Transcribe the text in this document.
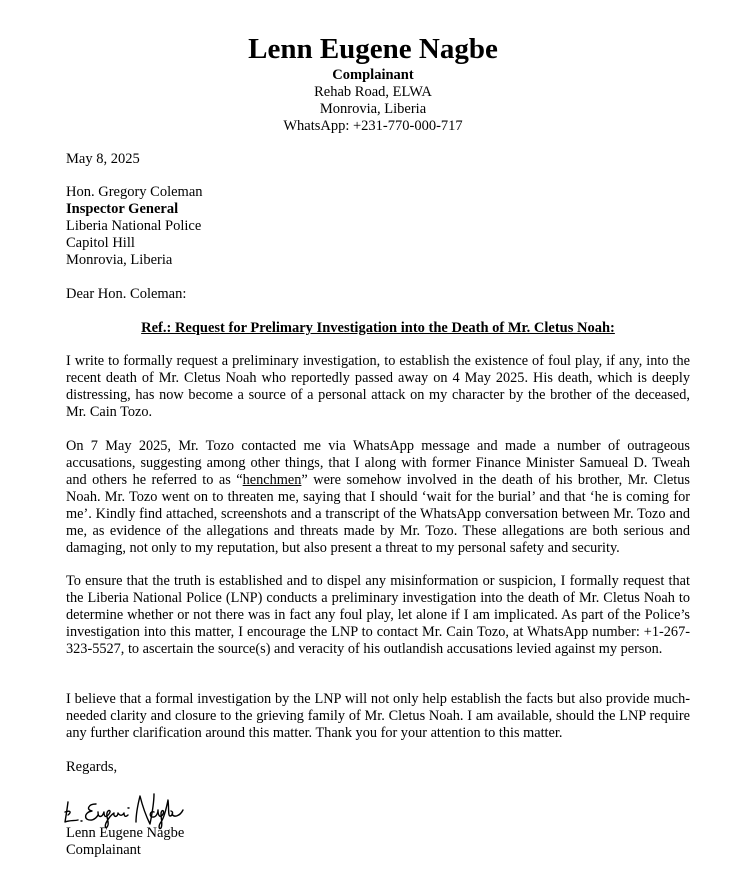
Lenn Eugene Nagbe
Complainant
Rehab Road, ELWA
Monrovia, Liberia
WhatsApp: +231-770-000-717
May 8, 2025
Hon. Gregory Coleman
Inspector General
Liberia National Police
Capitol Hill
Monrovia, Liberia
Dear Hon. Coleman:
Ref.: Request for Prelimary Investigation into the Death of Mr. Cletus Noah:
I write to formally request a preliminary investigation, to establish the existence of foul play, if any, into the recent death of Mr. Cletus Noah who reportedly passed away on 4 May 2025. His death, which is deeply distressing, has now become a source of a personal attack on my character by the brother of the deceased, Mr. Cain Tozo.
On 7 May 2025, Mr. Tozo contacted me via WhatsApp message and made a number of outrageous accusations, suggesting among other things, that I along with former Finance Minister Samueal D. Tweah and others he referred to as “henchmen” were somehow involved in the death of his brother, Mr. Cletus Noah. Mr. Tozo went on to threaten me, saying that I should ‘wait for the burial’ and that ‘he is coming for me’. Kindly find attached, screenshots and a transcript of the WhatsApp conversation between Mr. Tozo and me, as evidence of the allegations and threats made by Mr. Tozo. These allegations are both serious and damaging, not only to my reputation, but also present a threat to my personal safety and security.
To ensure that the truth is established and to dispel any misinformation or suspicion, I formally request that the Liberia National Police (LNP) conducts a preliminary investigation into the death of Mr. Cletus Noah to determine whether or not there was in fact any foul play, let alone if I am implicated. As part of the Police’s investigation into this matter, I encourage the LNP to contact Mr. Cain Tozo, at WhatsApp number: +1-267-323-5527, to ascertain the source(s) and veracity of his outlandish accusations levied against my person.
I believe that a formal investigation by the LNP will not only help establish the facts but also provide much-needed clarity and closure to the grieving family of Mr. Cletus Noah. I am available, should the LNP require any further clarification around this matter. Thank you for your attention to this matter.
Regards,
Lenn Eugene Nagbe
Complainant
